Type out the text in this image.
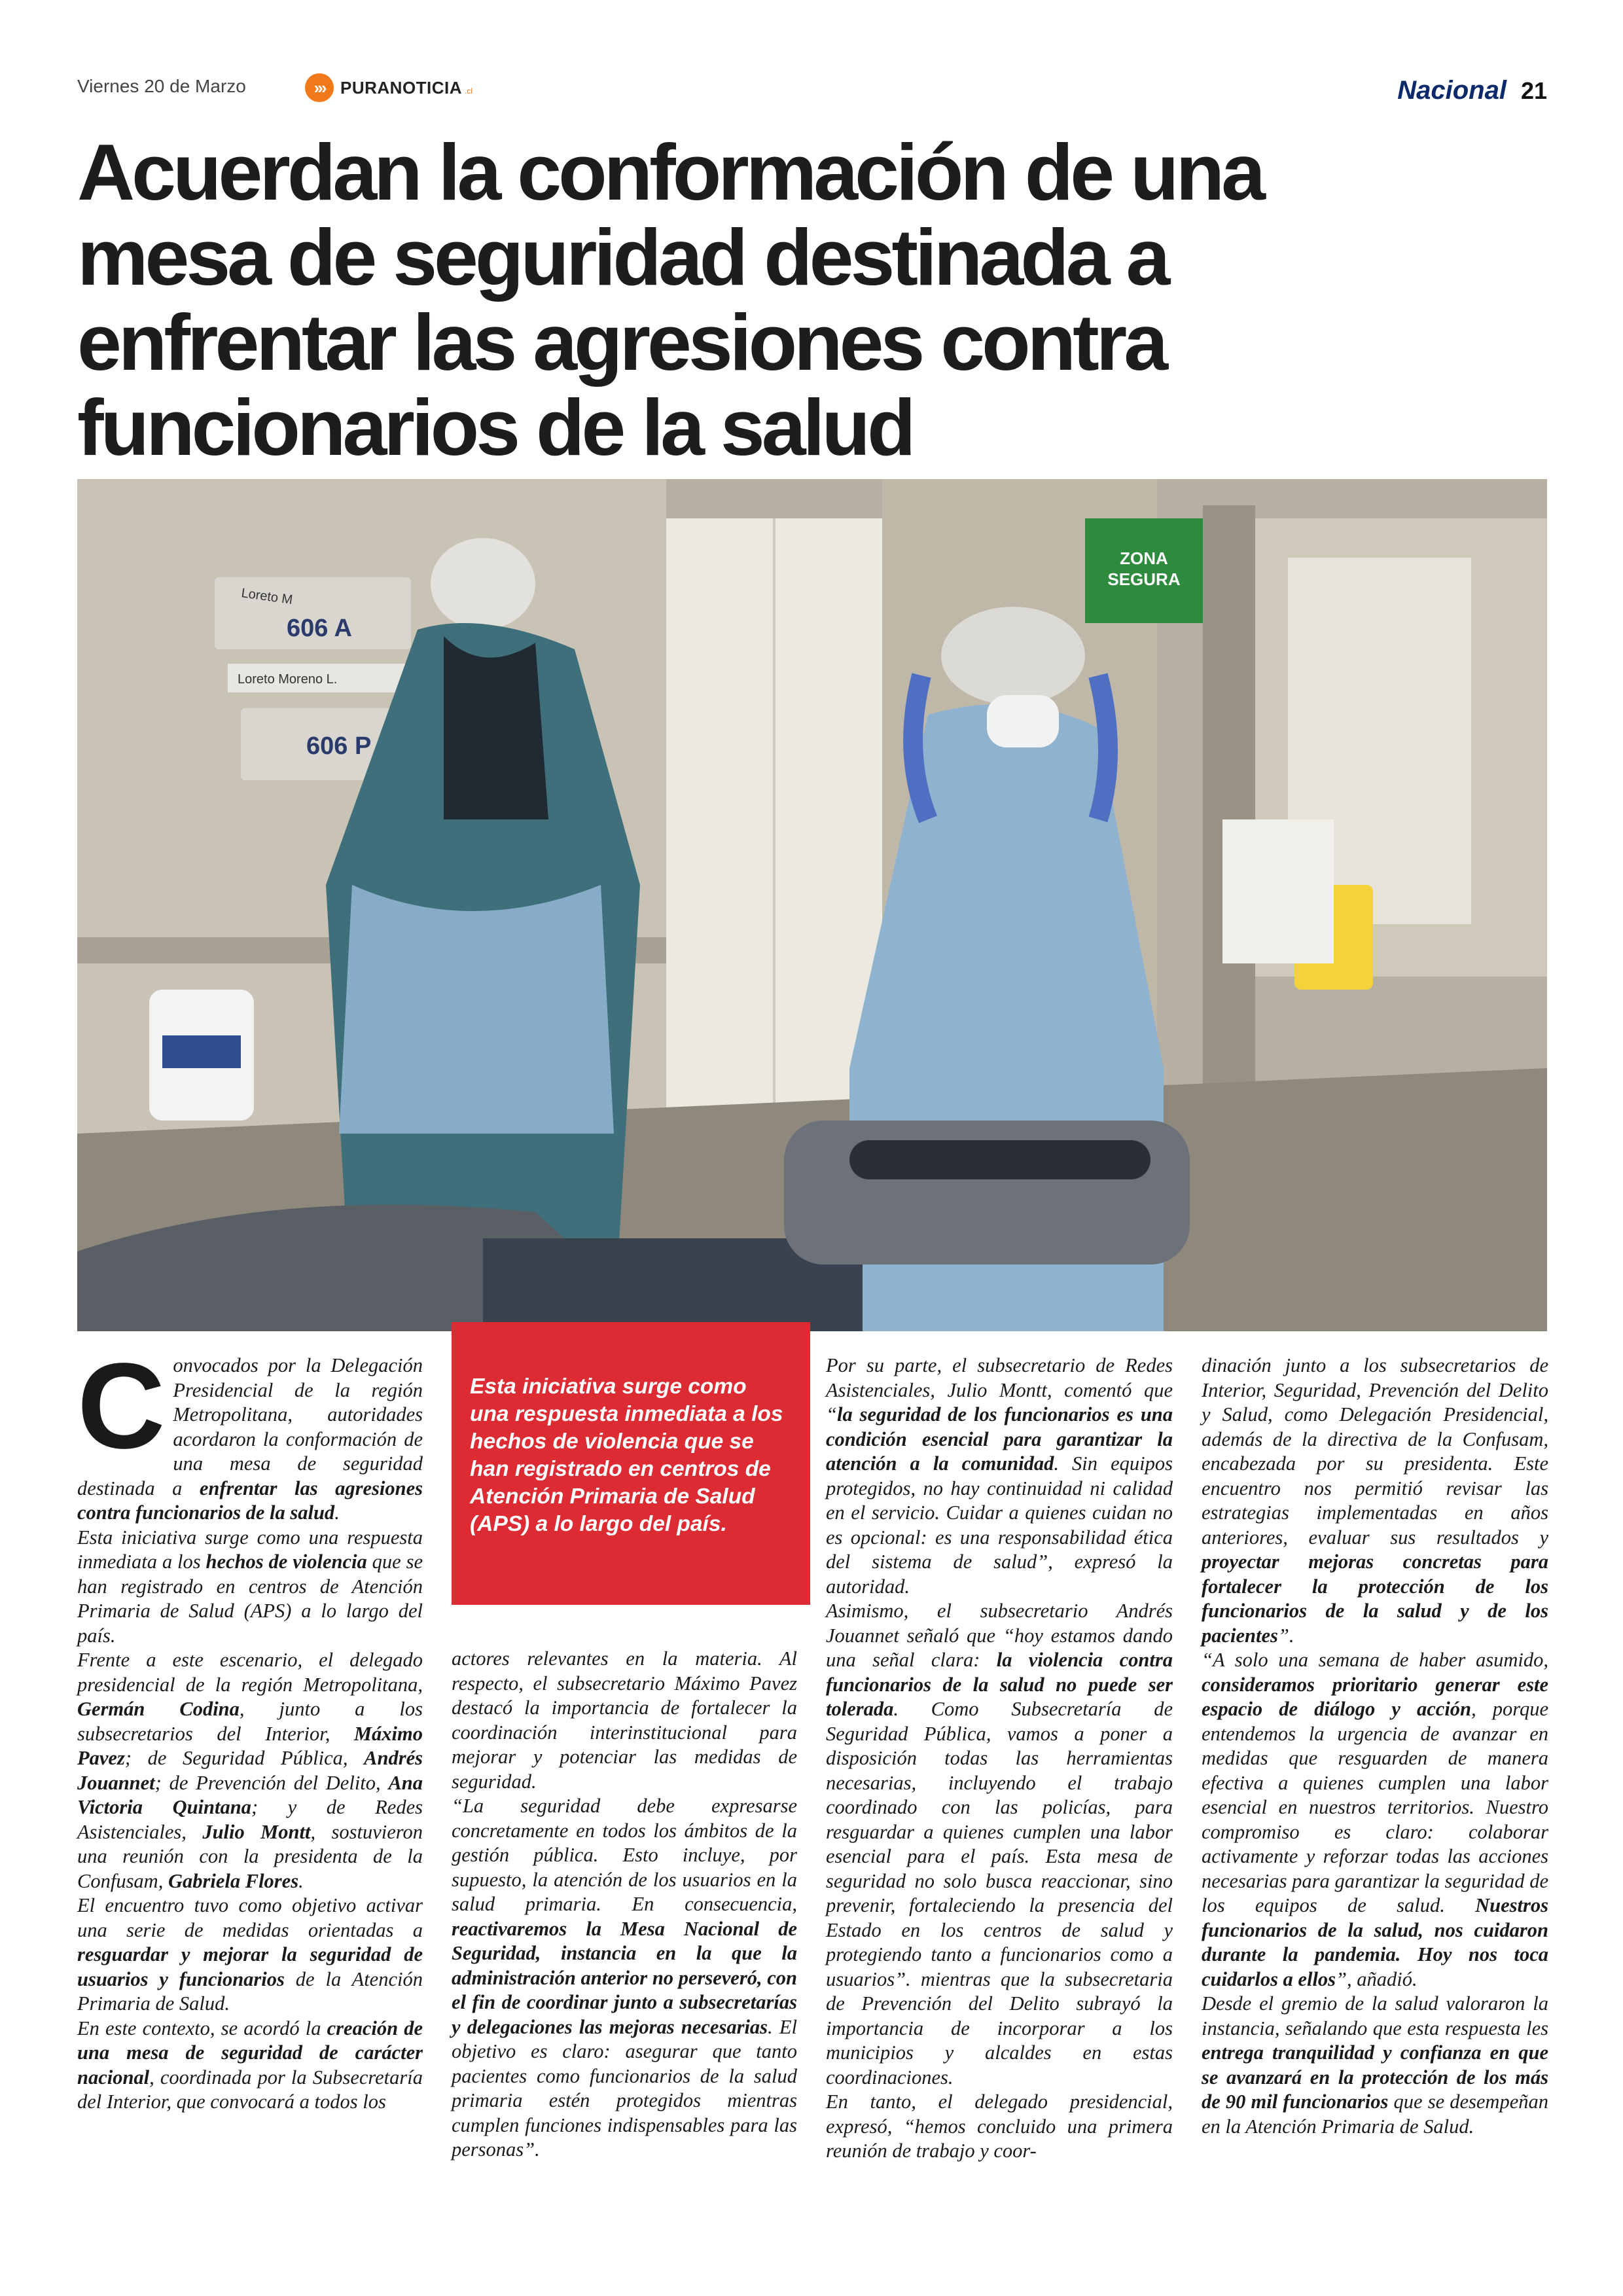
Viernes 20 de Marzo	››› PURANOTICIA .cl	Nacional 21
Acuerdan la conformación de una
mesa de seguridad destinada a
enfrentar las agresiones contra
funcionarios de la salud
ZONA
SEGURA
Loreto M
606 A
Loreto Moreno L.
606 P
C onvocados por la Delegación Presidencial de la región Metropolitana, autoridades acordaron la conformación de una mesa de seguridad destinada a enfrentar las agresiones contra funcionarios de la salud.

Esta iniciativa surge como una respuesta inmediata a los hechos de violencia que se han registrado en centros de Atención Primaria de Salud (APS) a lo largo del país.

Frente a este escenario, el delegado presidencial de la región Metropolitana, Germán Codina, junto a los subsecretarios del Interior, Máximo Pavez; de Seguridad Pública, Andrés Jouannet; de Prevención del Delito, Ana Victoria Quintana; y de Redes Asistenciales, Julio Montt, sostuvieron una reunión con la presidenta de la Confusam, Gabriela Flores.

El encuentro tuvo como objetivo activar una serie de medidas orientadas a resguardar y mejorar la seguridad de usuarios y funcionarios de la Atención Primaria de Salud.

En este contexto, se acordó la creación de una mesa de seguridad de carácter nacional, coordinada por la Subsecretaría del Interior, que convocará a todos los

Esta iniciativa surge como una respuesta inmediata a los hechos de violencia que se han registrado en centros de Atención Primaria de Salud (APS) a lo largo del país.

actores relevantes en la materia. Al respecto, el subsecretario Máximo Pavez destacó la importancia de fortalecer la coordinación interinstitucional para mejorar y potenciar las medidas de seguridad.

“La seguridad debe expresarse concretamente en todos los ámbitos de la gestión pública. Esto incluye, por supuesto, la atención de los usuarios en la salud primaria. En consecuencia, reactivaremos la Mesa Nacional de Seguridad, instancia en la que la administración anterior no perseveró, con el fin de coordinar junto a subsecretarías y delegaciones las mejoras necesarias. El objetivo es claro: asegurar que tanto pacientes como funcionarios de la salud primaria estén protegidos mientras cumplen funciones indispensables para las personas”.

Por su parte, el subsecretario de Redes Asistenciales, Julio Montt, comentó que “la seguridad de los funcionarios es una condición esencial para garantizar la atención a la comunidad. Sin equipos protegidos, no hay continuidad ni calidad en el servicio. Cuidar a quienes cuidan no es opcional: es una responsabilidad ética del sistema de salud”, expresó la autoridad.

Asimismo, el subsecretario Andrés Jouannet señaló que “hoy estamos dando una señal clara: la violencia contra funcionarios de la salud no puede ser tolerada. Como Subsecretaría de Seguridad Pública, vamos a poner a disposición todas las herramientas necesarias, incluyendo el trabajo coordinado con las policías, para resguardar a quienes cumplen una labor esencial para el país. Esta mesa de seguridad no solo busca reaccionar, sino prevenir, fortaleciendo la presencia del Estado en los centros de salud y protegiendo tanto a funcionarios como a usuarios”. mientras que la subsecretaria de Prevención del Delito subrayó la importancia de incorporar a los municipios y alcaldes en estas coordinaciones.

En tanto, el delegado presidencial, expresó, “hemos concluido una primera reunión de trabajo y coor-

dinación junto a los subsecretarios de Interior, Seguridad, Prevención del Delito y Salud, como Delegación Presidencial, además de la directiva de la Confusam, encabezada por su presidenta. Este encuentro nos permitió revisar las estrategias implementadas en años anteriores, evaluar sus resultados y proyectar mejoras concretas para fortalecer la protección de los funcionarios de la salud y de los pacientes”.

“A solo una semana de haber asumido, consideramos prioritario generar este espacio de diálogo y acción, porque entendemos la urgencia de avanzar en medidas que resguarden de manera efectiva a quienes cumplen una labor esencial en nuestros territorios. Nuestro compromiso es claro: colaborar activamente y reforzar todas las acciones necesarias para garantizar la seguridad de los equipos de salud. Nuestros funcionarios de la salud, nos cuidaron durante la pandemia. Hoy nos toca cuidarlos a ellos”, añadió.

Desde el gremio de la salud valoraron la instancia, señalando que esta respuesta les entrega tranquilidad y confianza en que se avanzará en la protección de los más de 90 mil funcionarios que se desempeñan en la Atención Primaria de Salud.
